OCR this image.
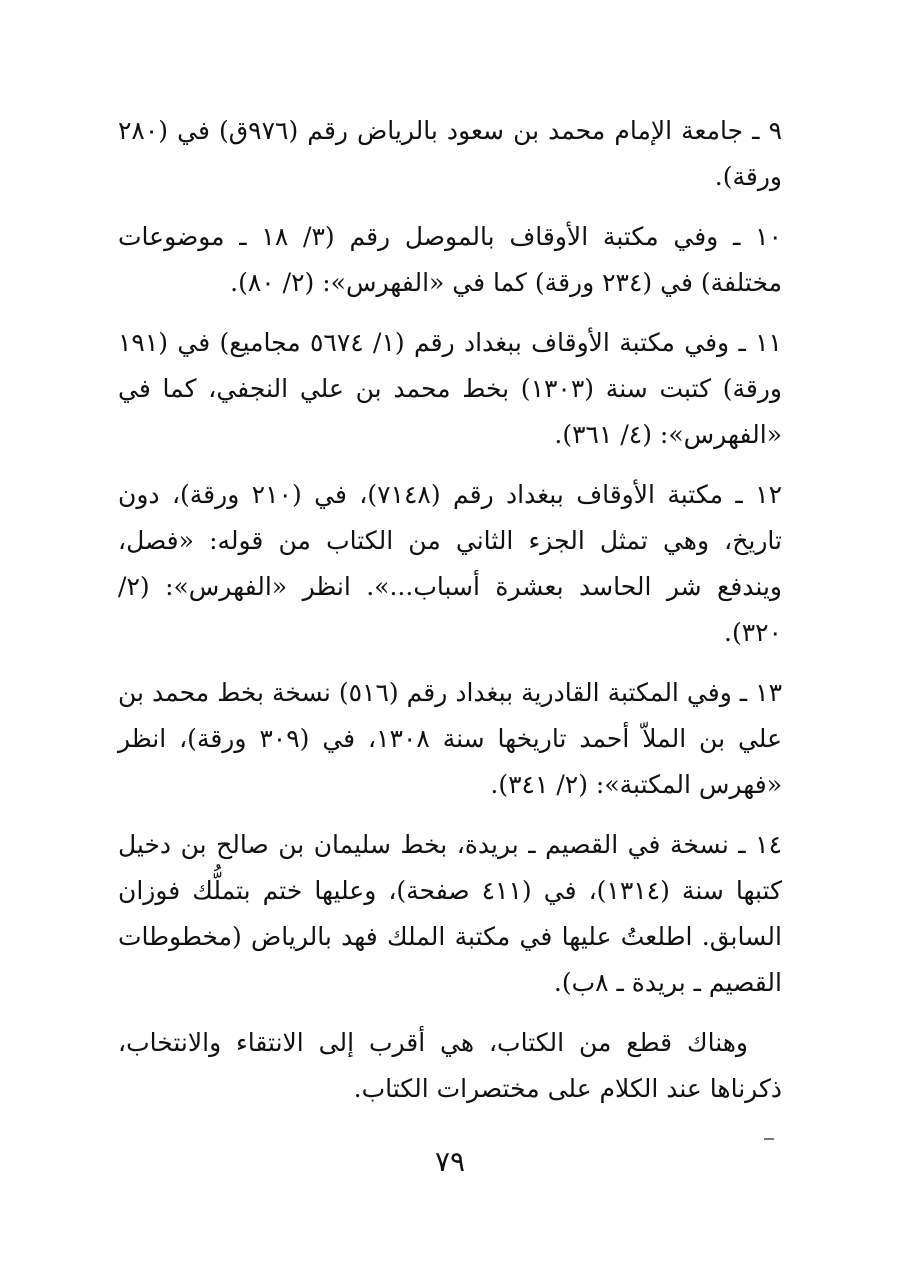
٩ ـ جامعة الإمام محمد بن سعود بالرياض رقم (٩٧٦ق) في (٢٨٠ ورقة).

١٠ ـ وفي مكتبة الأوقاف بالموصل رقم (٣/ ١٨ ـ موضوعات مختلفة) في (٢٣٤ ورقة) كما في «الفهرس»: (٢/ ٨٠).

١١ ـ وفي مكتبة الأوقاف ببغداد رقم (١/ ٥٦٧٤ مجاميع) في (١٩١ ورقة) كتبت سنة (١٣٠٣) بخط محمد بن علي النجفي، كما في «الفهرس»: (٤/ ٣٦١).

١٢ ـ مكتبة الأوقاف ببغداد رقم (٧١٤٨)، في (٢١٠ ورقة)، دون تاريخ، وهي تمثل الجزء الثاني من الكتاب من قوله: «فصل، ويندفع شر الحاسد بعشرة أسباب...». انظر «الفهرس»: (٢/ ٣٢٠).

١٣ ـ وفي المكتبة القادرية ببغداد رقم (٥١٦) نسخة بخط محمد بن علي بن الملاّ أحمد تاريخها سنة ١٣٠٨، في (٣٠٩ ورقة)، انظر «فهرس المكتبة»: (٢/ ٣٤١).

١٤ ـ نسخة في القصيم ـ بريدة، بخط سليمان بن صالح بن دخيل كتبها سنة (١٣١٤)، في (٤١١ صفحة)، وعليها ختم بتملُّك فوزان السابق. اطلعتُ عليها في مكتبة الملك فهد بالرياض (مخطوطات القصيم ـ بريدة ـ ٨ب).

وهناك قطع من الكتاب، هي أقرب إلى الانتقاء والانتخاب، ذكرناها عند الكلام على مختصرات الكتاب.

٧٩
